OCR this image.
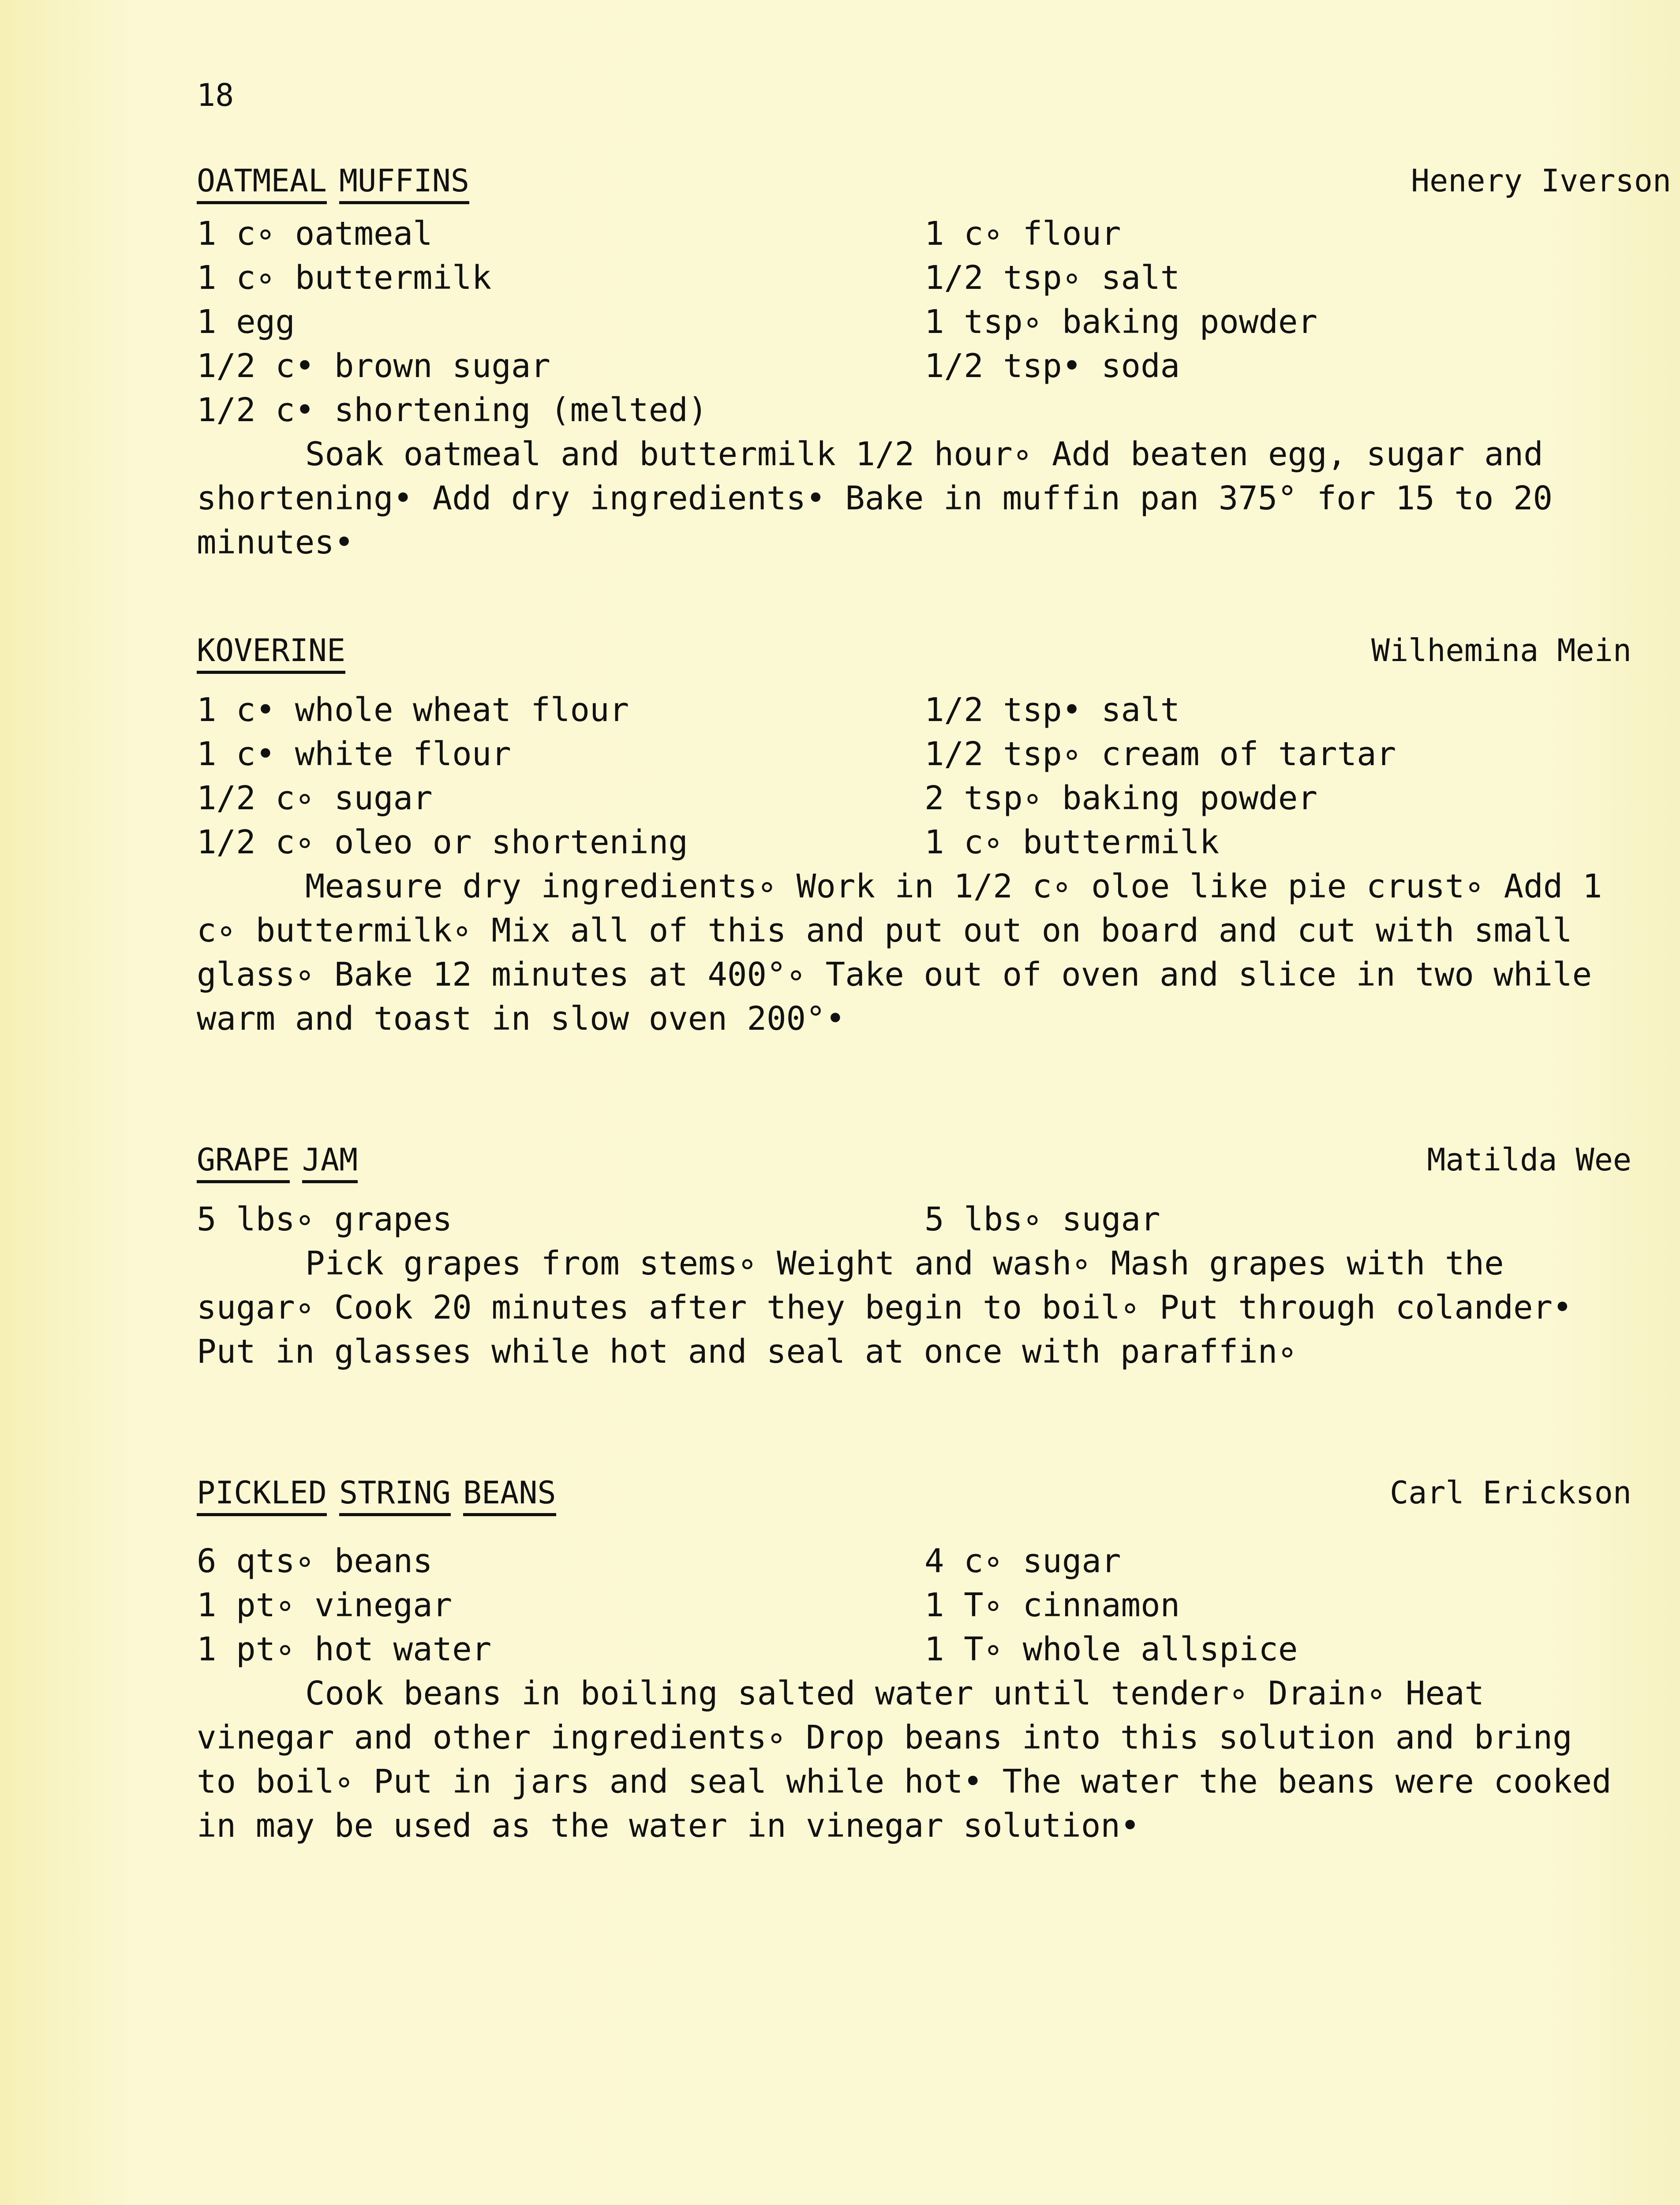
18
OATMEAL MUFFINS	Henery Iverson
1 c∘ oatmeal	1 c∘ flour
1 c∘ buttermilk	1/2 tsp∘ salt
1 egg	1 tsp∘ baking powder
1/2 c• brown sugar	1/2 tsp• soda
1/2 c• shortening (melted)

Soak oatmeal and buttermilk 1/2 hour∘ Add beaten egg, sugar and shortening• Add dry ingredients• Bake in muffin pan 375° for 15 to 20 minutes•

KOVERINE	Wilhemina Mein
1 c• whole wheat flour	1/2 tsp• salt
1 c• white flour	1/2 tsp∘ cream of tartar
1/2 c∘ sugar	2 tsp∘ baking powder
1/2 c∘ oleo or shortening	1 c∘ buttermilk

Measure dry ingredients∘ Work in 1/2 c∘ oloe like pie crust∘ Add 1 c∘ buttermilk∘ Mix all of this and put out on board and cut with small glass∘ Bake 12 minutes at 400°∘ Take out of oven and slice in two while warm and toast in slow oven 200°•

GRAPE JAM	Matilda Wee
5 lbs∘ grapes	5 lbs∘ sugar

Pick grapes from stems∘ Weight and wash∘ Mash grapes with the sugar∘ Cook 20 minutes after they begin to boil∘ Put through colander• Put in glasses while hot and seal at once with paraffin∘

PICKLED STRING BEANS	Carl Erickson
6 qts∘ beans	4 c∘ sugar
1 pt∘ vinegar	1 T∘ cinnamon
1 pt∘ hot water	1 T∘ whole allspice

Cook beans in boiling salted water until tender∘ Drain∘ Heat vinegar and other ingredients∘ Drop beans into this solution and bring to boil∘ Put in jars and seal while hot• The water the beans were cooked in may be used as the water in vinegar solution•
